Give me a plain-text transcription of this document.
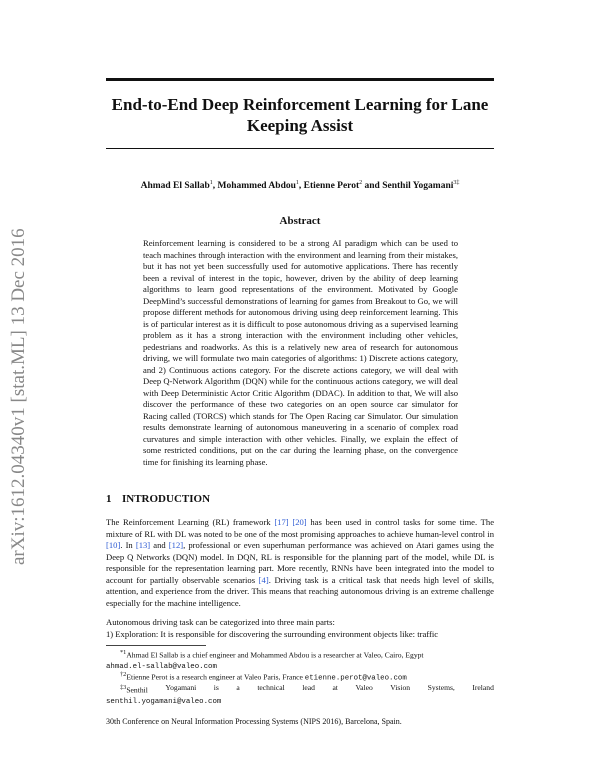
End-to-End Deep Reinforcement Learning for Lane
Keeping Assist
Ahmad El Sallab$^1$, Mohammed Abdou$^1$, Etienne Perot$^2$ and Senthil Yogamani$^{3\ddagger}$
arXiv:1612.04340v1 [stat.ML] 13 Dec 2016
Abstract
Reinforcement learning is considered to be a strong AI paradigm which can be used to teach machines through interaction with the environment and learning from their mistakes, but it has not yet been successfully used for automotive applications. There has recently been a revival of interest in the topic, however, driven by the ability of deep learning algorithms to learn good representations of the environment. Motivated by Google DeepMind’s successful demonstrations of learning for games from Breakout to Go, we will propose different methods for autonomous driving using deep reinforcement learning. This is of particular interest as it is difficult to pose autonomous driving as a supervised learning problem as it has a strong interaction with the environment including other vehicles, pedestrians and roadworks. As this is a relatively new area of research for autonomous driving, we will formulate two main categories of algorithms: 1) Discrete actions category, and 2) Continuous actions category. For the discrete actions category, we will deal with Deep Q-Network Algorithm (DQN) while for the continuous actions category, we will deal with Deep Deterministic Actor Critic Algorithm (DDAC). In addition to that, We will also discover the performance of these two categories on an open source car simulator for Racing called (TORCS) which stands for The Open Racing car Simulator. Our simulation results demonstrate learning of autonomous maneuvering in a scenario of complex road curvatures and simple interaction with other vehicles. Finally, we explain the effect of some restricted conditions, put on the car during the learning phase, on the convergence time for finishing its learning phase.
1 INTRODUCTION
The Reinforcement Learning (RL) framework [17] [20] has been used in control tasks for some time. The mixture of RL with DL was noted to be one of the most promising approaches to achieve human-level control in [10]. In [13] and [12], professional or even superhuman performance was achieved on Atari games using the Deep Q Networks (DQN) model. In DQN, RL is responsible for the planning part of the model, while DL is responsible for the representation learning part. More recently, RNNs have been integrated into the model to account for partially observable scenarios [4]. Driving task is a critical task that needs high level of skills, attention, and experience from the driver. This means that reaching autonomous driving is an extreme challenge especially for the machine intelligence.
Autonomous driving task can be categorized into three main parts:
1) Exploration: It is responsible for discovering the surrounding environment objects like: traffic
$^{*1}$Ahmad El Sallab is a chief engineer and Mohammed Abdou is a researcher at Valeo, Cairo, Egypt
ahmad.el-sallab@valeo.com
$^{\dagger 2}$Etienne Perot is a research engineer at Valeo Paris, France etienne.perot@valeo.com
$^{\ddagger 3}$Senthil Yogamani is a technical lead at Valeo Vision Systems, Ireland
senthil.yogamani@valeo.com
30th Conference on Neural Information Processing Systems (NIPS 2016), Barcelona, Spain.
